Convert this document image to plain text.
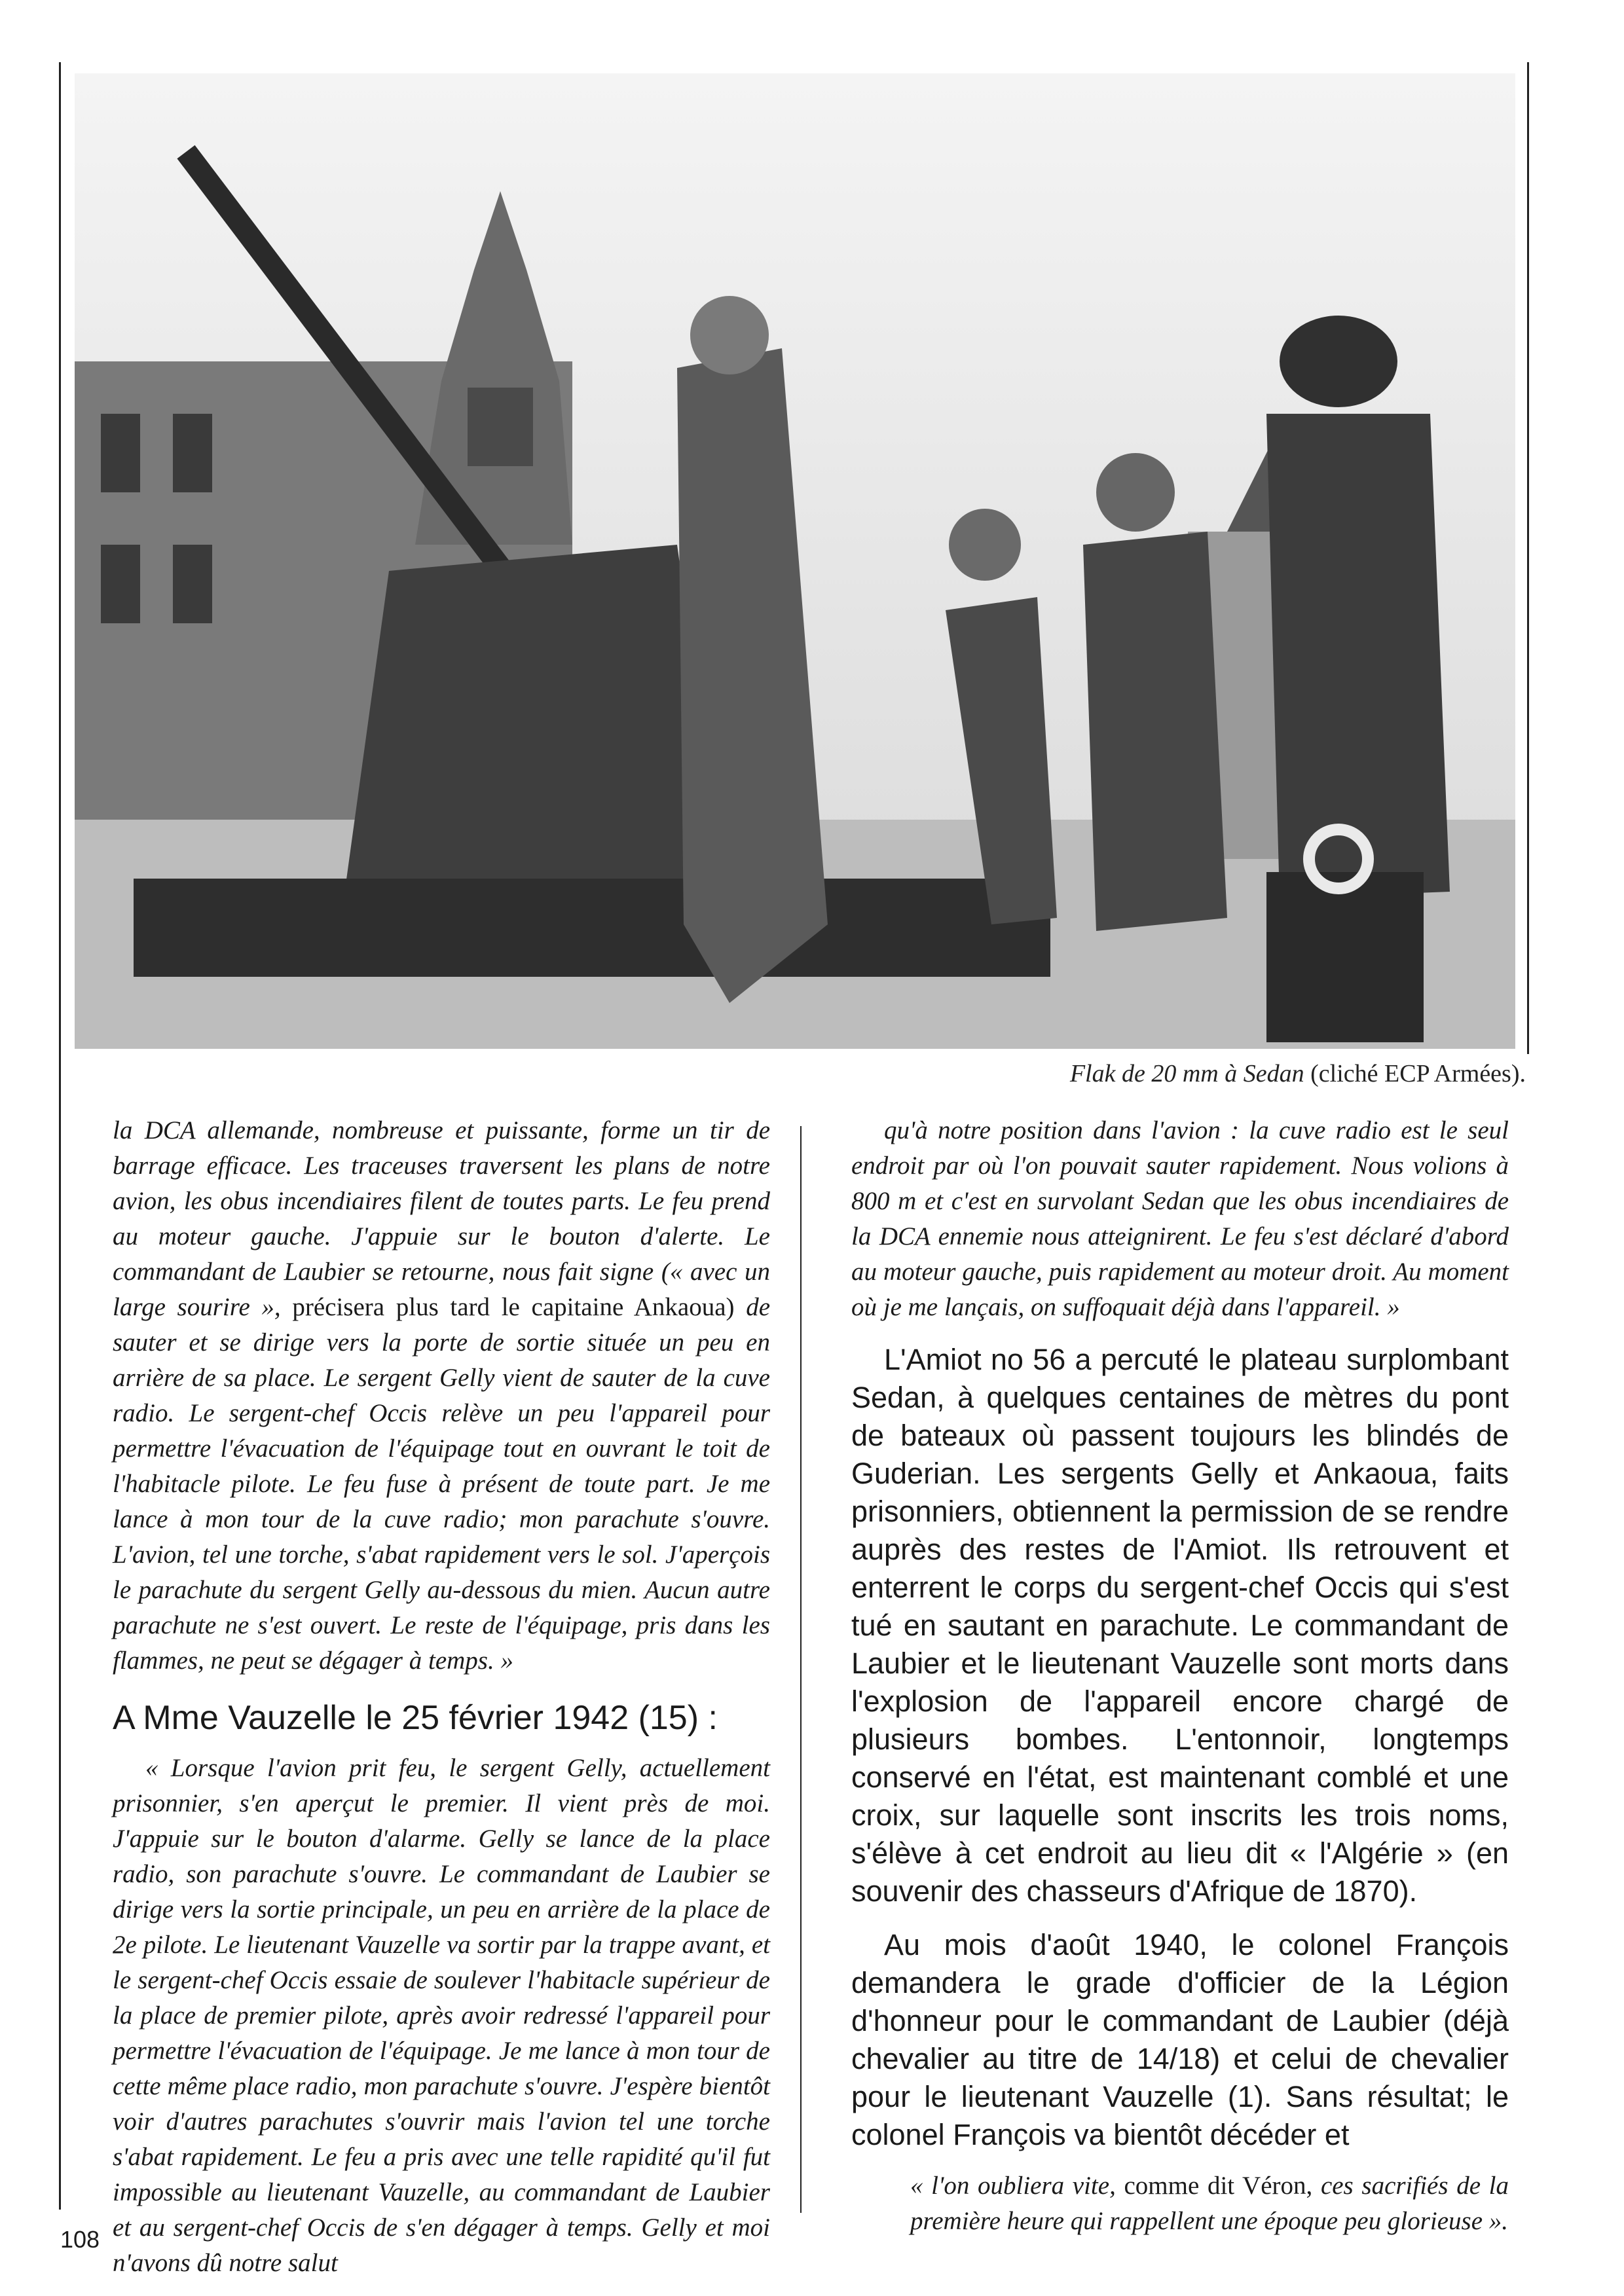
Flak de 20 mm à Sedan (cliché ECP Armées).

la DCA allemande, nombreuse et puissante, forme un tir de barrage efficace. Les traceuses traversent les plans de notre avion, les obus incendiaires filent de toutes parts. Le feu prend au moteur gauche. J'appuie sur le bouton d'alerte. Le commandant de Laubier se retourne, nous fait signe (« avec un large sourire », précisera plus tard le capitaine Ankaoua) de sauter et se dirige vers la porte de sortie située un peu en arrière de sa place. Le sergent Gelly vient de sauter de la cuve radio. Le sergent-chef Occis relève un peu l'appareil pour permettre l'évacuation de l'équipage tout en ouvrant le toit de l'habitacle pilote. Le feu fuse à présent de toute part. Je me lance à mon tour de la cuve radio; mon parachute s'ouvre. L'avion, tel une torche, s'abat rapidement vers le sol. J'aperçois le parachute du sergent Gelly au-dessous du mien. Aucun autre parachute ne s'est ouvert. Le reste de l'équipage, pris dans les flammes, ne peut se dégager à temps. »

A Mme Vauzelle le 25 février 1942 (15) :

« Lorsque l'avion prit feu, le sergent Gelly, actuellement prisonnier, s'en aperçut le premier. Il vient près de moi. J'appuie sur le bouton d'alarme. Gelly se lance de la place radio, son parachute s'ouvre. Le commandant de Laubier se dirige vers la sortie principale, un peu en arrière de la place de 2e pilote. Le lieutenant Vauzelle va sortir par la trappe avant, et le sergent-chef Occis essaie de soulever l'habitacle supérieur de la place de premier pilote, après avoir redressé l'appareil pour permettre l'évacuation de l'équipage. Je me lance à mon tour de cette même place radio, mon parachute s'ouvre. J'espère bientôt voir d'autres parachutes s'ouvrir mais l'avion tel une torche s'abat rapidement. Le feu a pris avec une telle rapidité qu'il fut impossible au lieutenant Vauzelle, au commandant de Laubier et au sergent-chef Occis de s'en dégager à temps. Gelly et moi n'avons dû notre salut

qu'à notre position dans l'avion : la cuve radio est le seul endroit par où l'on pouvait sauter rapidement. Nous volions à 800 m et c'est en survolant Sedan que les obus incendiaires de la DCA ennemie nous atteignirent. Le feu s'est déclaré d'abord au moteur gauche, puis rapidement au moteur droit. Au moment où je me lançais, on suffoquait déjà dans l'appareil. »

L'Amiot no 56 a percuté le plateau surplombant Sedan, à quelques centaines de mètres du pont de bateaux où passent toujours les blindés de Guderian. Les sergents Gelly et Ankaoua, faits prisonniers, obtiennent la permission de se rendre auprès des restes de l'Amiot. Ils retrouvent et enterrent le corps du sergent-chef Occis qui s'est tué en sautant en parachute. Le commandant de Laubier et le lieutenant Vauzelle sont morts dans l'explosion de l'appareil encore chargé de plusieurs bombes. L'entonnoir, longtemps conservé en l'état, est maintenant comblé et une croix, sur laquelle sont inscrits les trois noms, s'élève à cet endroit au lieu dit « l'Algérie » (en souvenir des chasseurs d'Afrique de 1870).

Au mois d'août 1940, le colonel François demandera le grade d'officier de la Légion d'honneur pour le commandant de Laubier (déjà chevalier au titre de 14/18) et celui de chevalier pour le lieutenant Vauzelle (1). Sans résultat; le colonel François va bientôt décéder et

« l'on oubliera vite, comme dit Véron, ces sacrifiés de la première heure qui rappellent une époque peu glorieuse ».

108
